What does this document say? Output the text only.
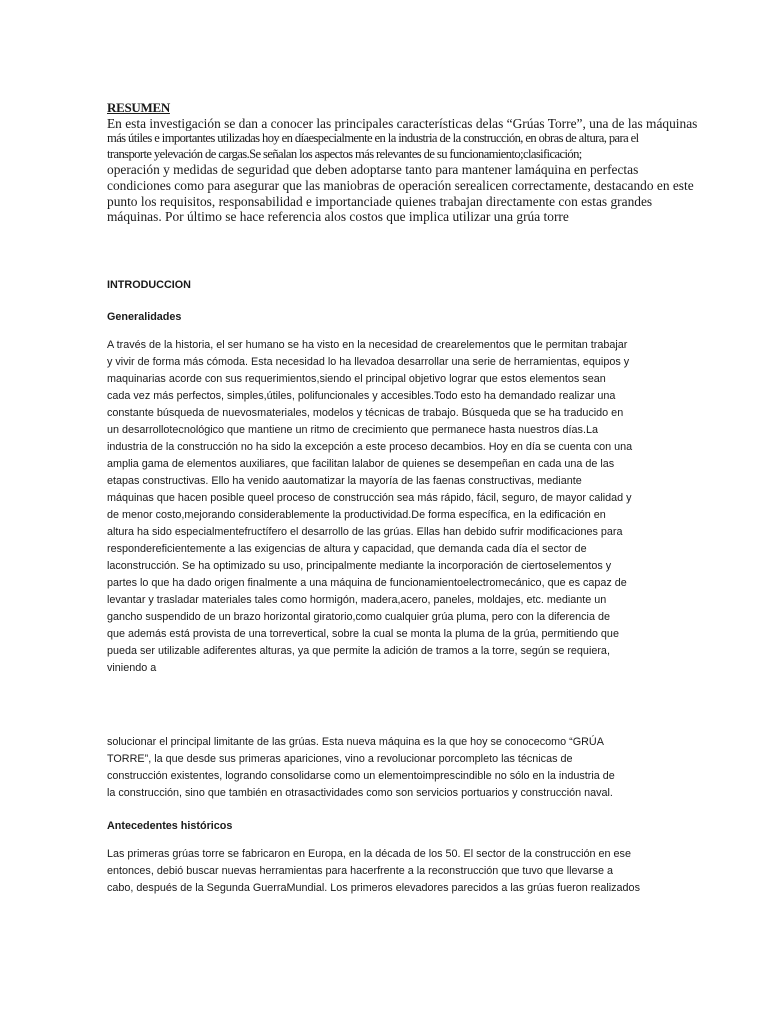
RESUMEN
En esta investigación se dan a conocer las principales características delas “Grúas Torre”, una de las máquinas
más útiles e importantes utilizadas hoy en díaespecialmente en la industria de la construcción, en obras de altura, para el
transporte yelevación de cargas.Se señalan los aspectos más relevantes de su funcionamiento;clasificación;
operación y medidas de seguridad que deben adoptarse tanto para mantener lamáquina en perfectas
condiciones como para asegurar que las maniobras de operación serealicen correctamente, destacando en este
punto los requisitos, responsabilidad e importanciade quienes trabajan directamente con estas grandes
máquinas. Por último se hace referencia alos costos que implica utilizar una grúa torre
INTRODUCCION
Generalidades
A través de la historia, el ser humano se ha visto en la necesidad de crearelementos que le permitan trabajar
y vivir de forma más cómoda. Esta necesidad lo ha llevadoa desarrollar una serie de herramientas, equipos y
maquinarias acorde con sus requerimientos,siendo el principal objetivo lograr que estos elementos sean
cada vez más perfectos, simples,útiles, polifuncionales y accesibles.Todo esto ha demandado realizar una
constante búsqueda de nuevosmateriales, modelos y técnicas de trabajo. Búsqueda que se ha traducido en
un desarrollotecnológico que mantiene un ritmo de crecimiento que permanece hasta nuestros días.La
industria de la construcción no ha sido la excepción a este proceso decambios. Hoy en día se cuenta con una
amplia gama de elementos auxiliares, que facilitan lalabor de quienes se desempeñan en cada una de las
etapas constructivas. Ello ha venido aautomatizar la mayoría de las faenas constructivas, mediante
máquinas que hacen posible queel proceso de construcción sea más rápido, fácil, seguro, de mayor calidad y
de menor costo,mejorando considerablemente la productividad.De forma específica, en la edificación en
altura ha sido especialmentefructífero el desarrollo de las grúas. Ellas han debido sufrir modificaciones para
respondereficientemente a las exigencias de altura y capacidad, que demanda cada día el sector de
laconstrucción. Se ha optimizado su uso, principalmente mediante la incorporación de ciertoselementos y
partes lo que ha dado origen finalmente a una máquina de funcionamientoelectromecánico, que es capaz de
levantar y trasladar materiales tales como hormigón, madera,acero, paneles, moldajes, etc. mediante un
gancho suspendido de un brazo horizontal giratorio,como cualquier grúa pluma, pero con la diferencia de
que además está provista de una torrevertical, sobre la cual se monta la pluma de la grúa, permitiendo que
pueda ser utilizable adiferentes alturas, ya que permite la adición de tramos a la torre, según se requiera,
viniendo a
solucionar el principal limitante de las grúas. Esta nueva máquina es la que hoy se conocecomo “GRÚA
TORRE”, la que desde sus primeras apariciones, vino a revolucionar porcompleto las técnicas de
construcción existentes, logrando consolidarse como un elementoimprescindible no sólo en la industria de
la construcción, sino que también en otrasactividades como son servicios portuarios y construcción naval.
Antecedentes históricos
Las primeras grúas torre se fabricaron en Europa, en la década de los 50. El sector de la construcción en ese
entonces, debió buscar nuevas herramientas para hacerfrente a la reconstrucción que tuvo que llevarse a
cabo, después de la Segunda GuerraMundial. Los primeros elevadores parecidos a las grúas fueron realizados
